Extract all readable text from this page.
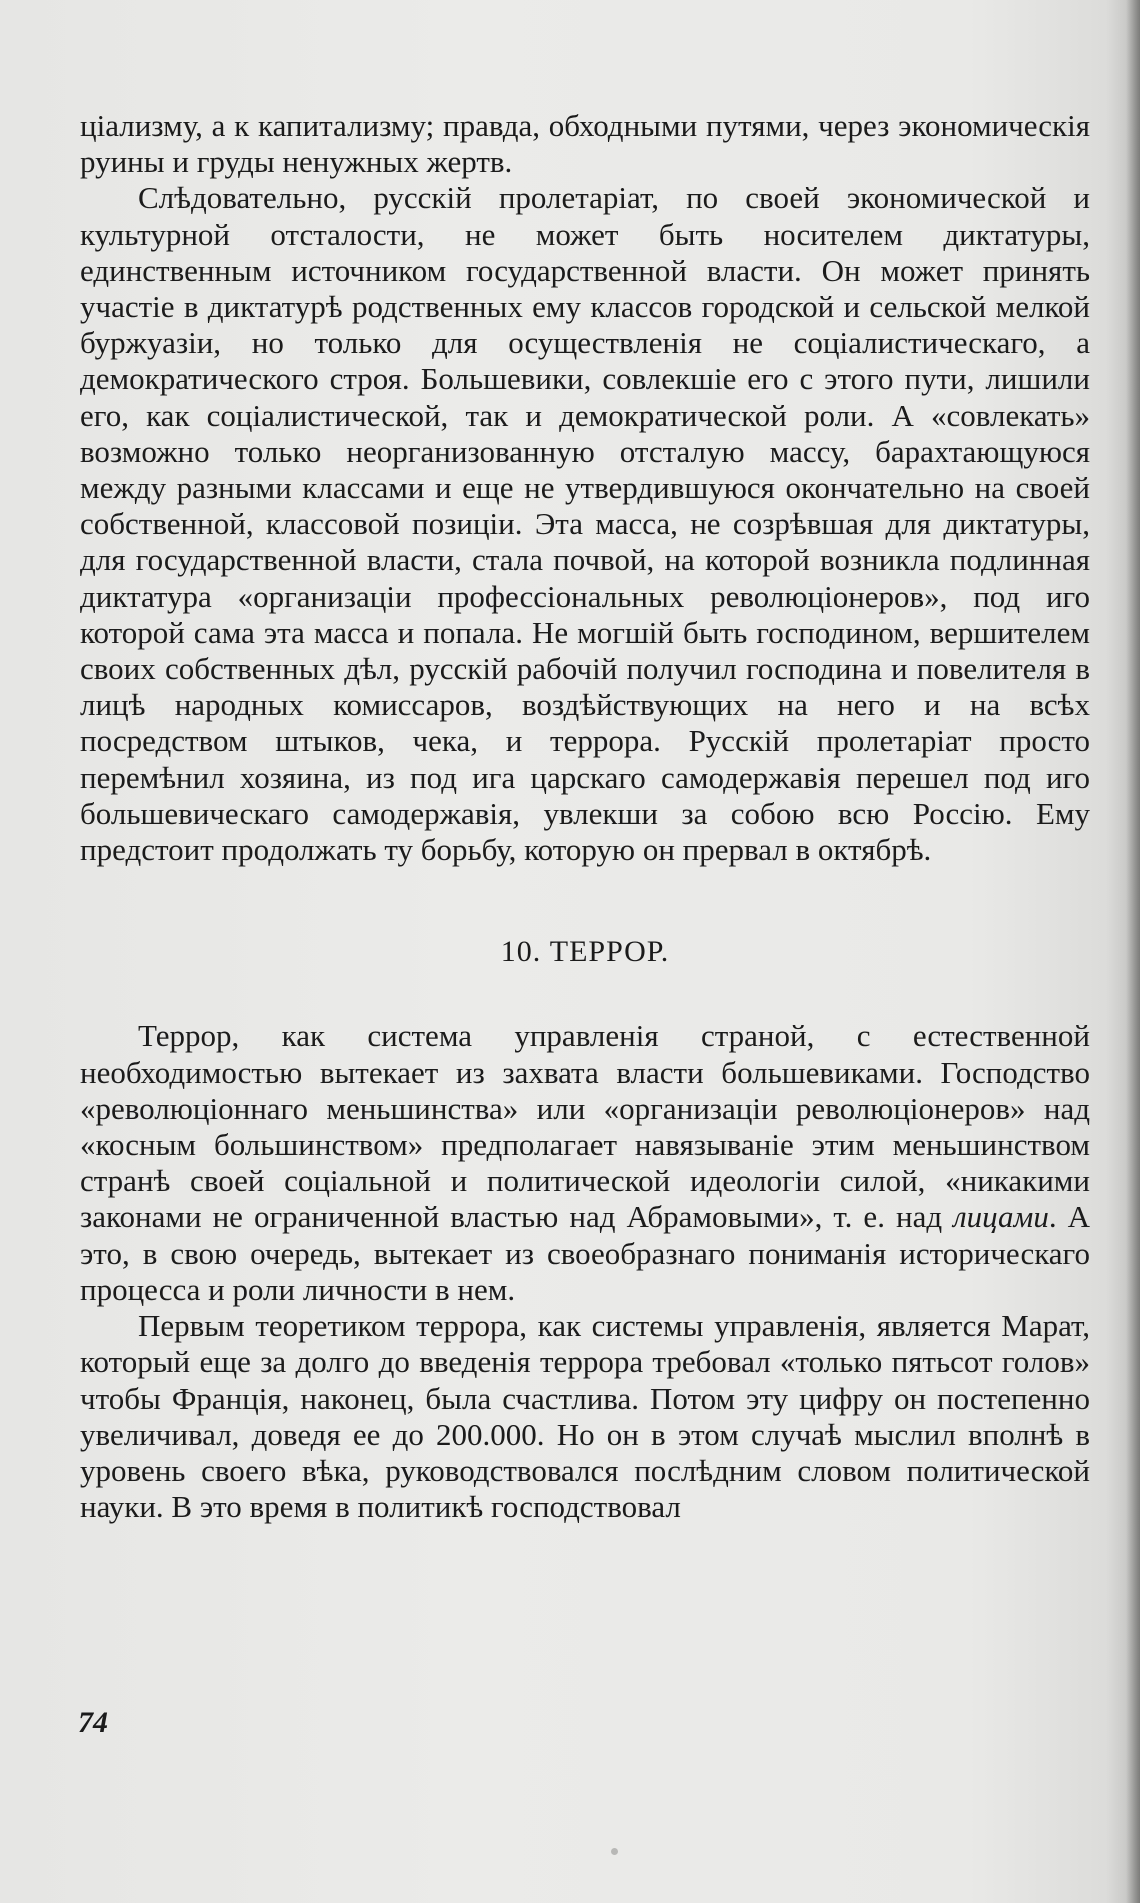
ціализму, а к капитализму; правда, обходными путями, через экономическія руины и груды ненужных жертв.

Слѣдовательно, русскій пролетаріат, по своей экономической и культурной отсталости, не может быть носителем диктатуры, единственным источником государственной власти. Он может принять участіе в диктатурѣ родственных ему классов городской и сельской мелкой буржуазіи, но только для осуществленія не соціалистическаго, а демократического строя. Большевики, совлекшіе его с этого пути, лишили его, как соціалистической, так и демократической роли. А «совлекать» возможно только неорганизованную отсталую массу, барахтающуюся между разными классами и еще не утвердившуюся окончательно на своей собственной, классовой позиціи. Эта масса, не созрѣвшая для диктатуры, для государственной власти, стала почвой, на которой возникла подлинная диктатура «организаціи профессіональных революціонеров», под иго которой сама эта масса и попала. Не могшій быть господином, вершителем своих собственных дѣл, русскій рабочій получил господина и повелителя в лицѣ народных комиссаров, воздѣйствующих на него и на всѣх посредством штыков, чека, и террора. Русскій пролетаріат просто перемѣнил хозяина, из под ига царскаго самодержавія перешел под иго большевическаго самодержавія, увлекши за собою всю Россію. Ему предстоит продолжать ту борьбу, которую он прервал в октябрѣ.

10. ТЕРРОР.

Террор, как система управленія страной, с естественной необходимостью вытекает из захвата власти большевиками. Господство «революціоннаго меньшинства» или «организаціи революціонеров» над «косным большинством» предполагает навязываніе этим меньшинством странѣ своей соціальной и политической идеологіи силой, «никакими законами не ограниченной властью над Абрамовыми», т. е. над лицами. А это, в свою очередь, вытекает из своеобразнаго пониманія историческаго процесса и роли личности в нем.

Первым теоретиком террора, как системы управленія, является Марат, который еще за долго до введенія террора требовал «только пятьсот голов» чтобы Франція, наконец, была счастлива. Потом эту цифру он постепенно увеличивал, доведя ее до 200.000. Но он в этом случаѣ мыслил вполнѣ в уровень своего вѣка, руководствовался послѣдним словом политической науки. В это время в политикѣ господствовал

74
